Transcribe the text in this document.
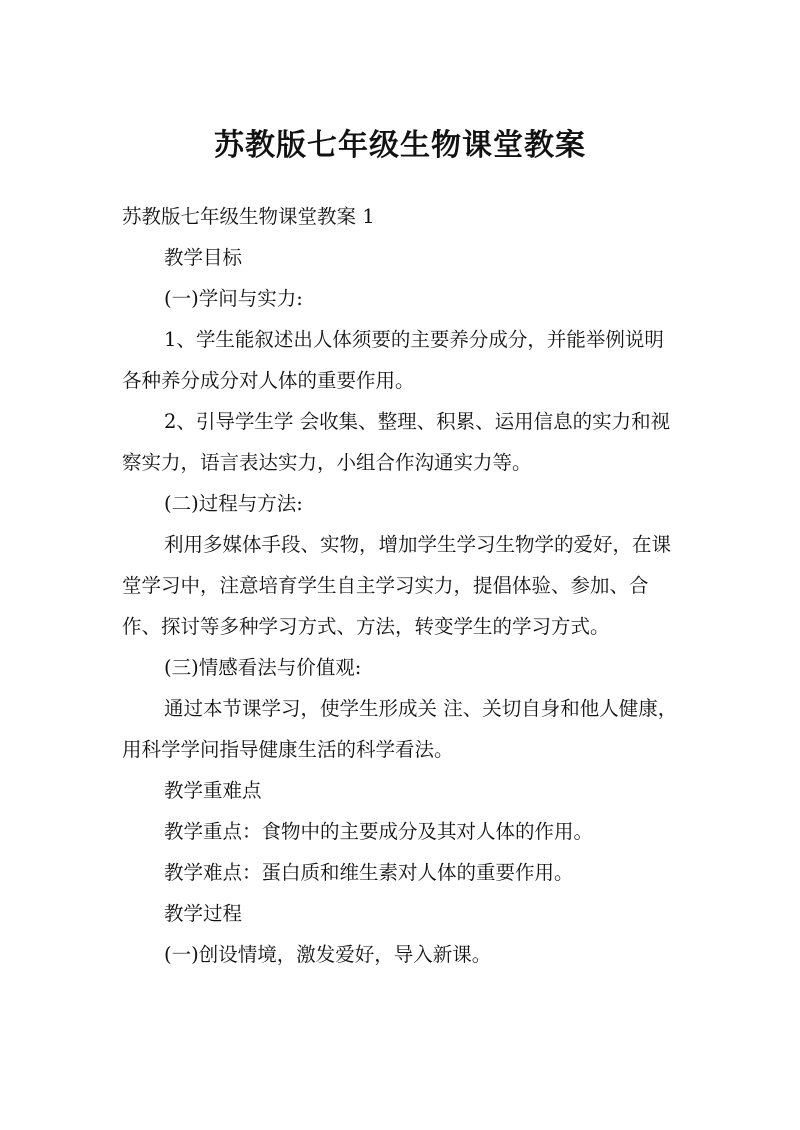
苏教版七年级生物课堂教案

苏教版七年级生物课堂教案 1

教学目标

(一)学问与实力:

1、学生能叙述出人体须要的主要养分成分，并能举例说明各种养分成分对人体的重要作用。

2、引导学生学 会收集、整理、积累、运用信息的实力和视察实力，语言表达实力，小组合作沟通实力等。

(二)过程与方法:

利用多媒体手段、实物，增加学生学习生物学的爱好，在课堂学习中，注意培育学生自主学习实力，提倡体验、参加、合作、探讨等多种学习方式、方法，转变学生的学习方式。

(三)情感看法与价值观:

通过本节课学习，使学生形成关 注、关切自身和他人健康，用科学学问指导健康生活的科学看法。

教学重难点

教学重点：食物中的主要成分及其对人体的作用。

教学难点：蛋白质和维生素对人体的重要作用。

教学过程

(一)创设情境，激发爱好，导入新课。
